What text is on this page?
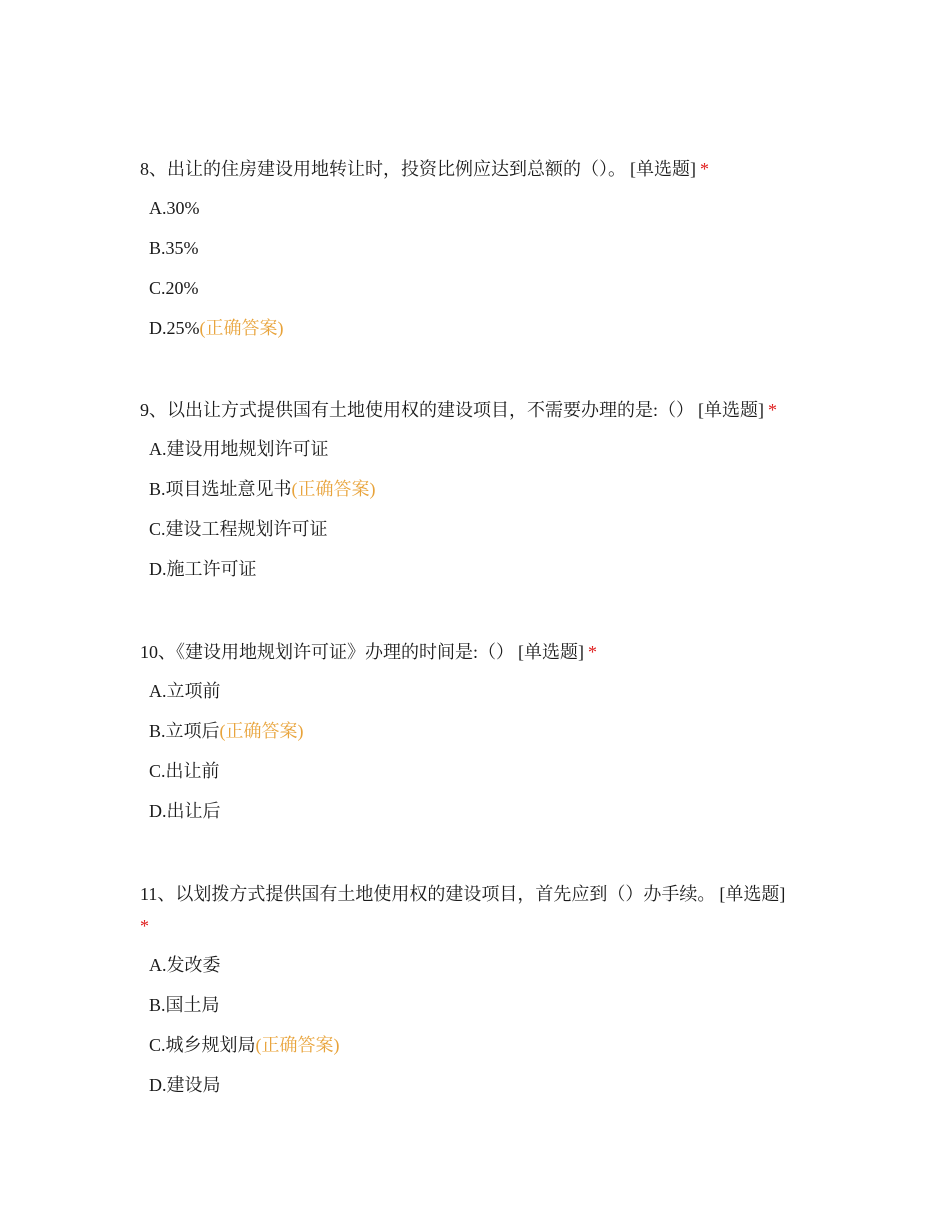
8、出让的住房建设用地转让时，投资比例应达到总额的（）。 [单选题] *

A.30%
B.35%
C.20%
D.25%(正确答案)

9、以出让方式提供国有土地使用权的建设项目，不需要办理的是:（） [单选题] *

A.建设用地规划许可证
B.项目选址意见书(正确答案)
C.建设工程规划许可证
D.施工许可证

10、《建设用地规划许可证》办理的时间是:（） [单选题] *

A.立项前
B.立项后(正确答案)
C.出让前
D.出让后

11、以划拨方式提供国有土地使用权的建设项目，首先应到（）办手续。 [单选题]
*

A.发改委
B.国土局
C.城乡规划局(正确答案)
D.建设局
